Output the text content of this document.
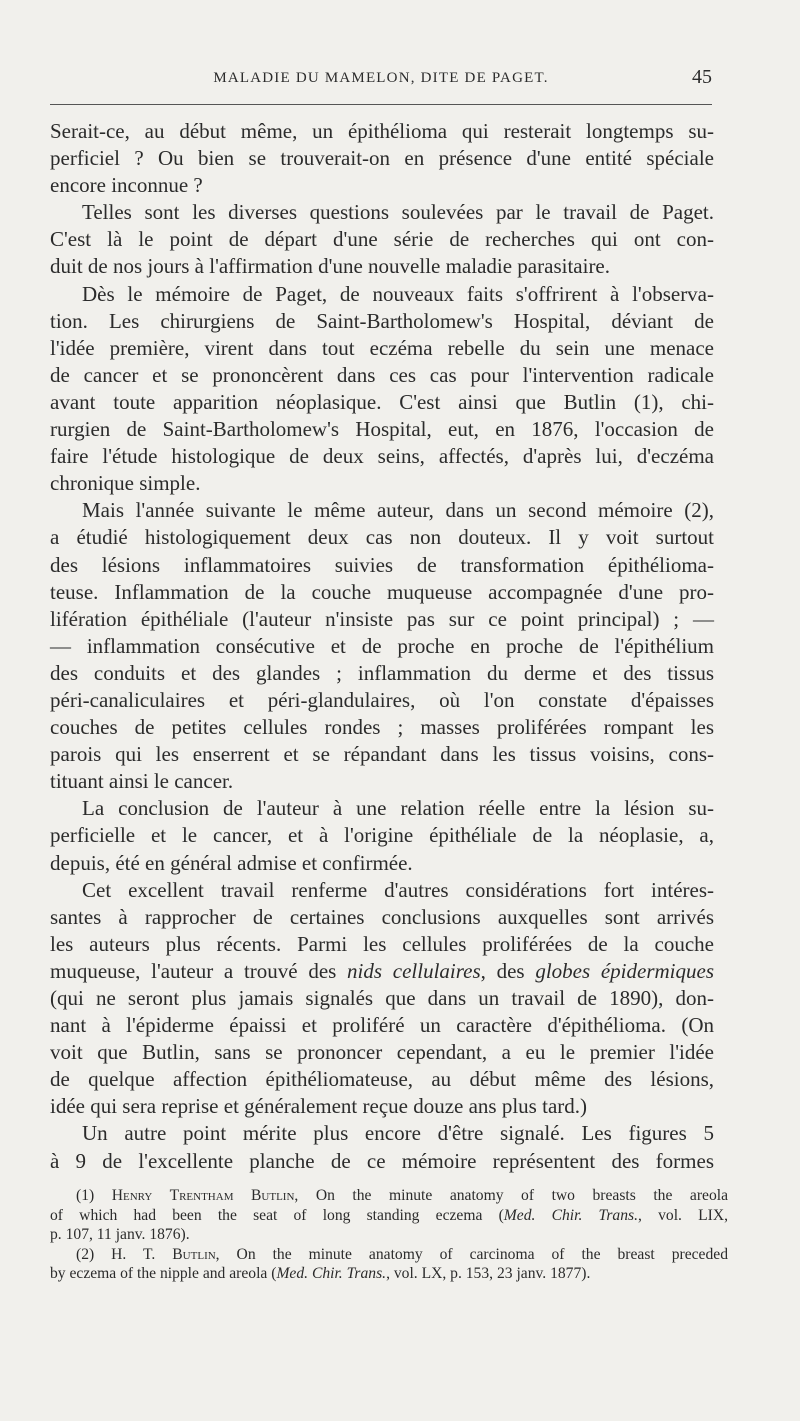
MALADIE DU MAMELON, DITE DE PAGET.	45
Serait-ce, au début même, un épithélioma qui resterait longtemps su-
perficiel ? Ou bien se trouverait-on en présence d'une entité spéciale
encore inconnue ?
Telles sont les diverses questions soulevées par le travail de Paget.
C'est là le point de départ d'une série de recherches qui ont con-
duit de nos jours à l'affirmation d'une nouvelle maladie parasitaire.
Dès le mémoire de Paget, de nouveaux faits s'offrirent à l'observa-
tion. Les chirurgiens de Saint-Bartholomew's Hospital, déviant de
l'idée première, virent dans tout eczéma rebelle du sein une menace
de cancer et se prononcèrent dans ces cas pour l'intervention radicale
avant toute apparition néoplasique. C'est ainsi que Butlin (1), chi-
rurgien de Saint-Bartholomew's Hospital, eut, en 1876, l'occasion de
faire l'étude histologique de deux seins, affectés, d'après lui, d'eczéma
chronique simple.
Mais l'année suivante le même auteur, dans un second mémoire (2),
a étudié histologiquement deux cas non douteux. Il y voit surtout
des lésions inflammatoires suivies de transformation épithélioma-
teuse. Inflammation de la couche muqueuse accompagnée d'une pro-
lifération épithéliale (l'auteur n'insiste pas sur ce point principal) ; —
— inflammation consécutive et de proche en proche de l'épithélium
des conduits et des glandes ; inflammation du derme et des tissus
péri-canaliculaires et péri-glandulaires, où l'on constate d'épaisses
couches de petites cellules rondes ; masses proliférées rompant les
parois qui les enserrent et se répandant dans les tissus voisins, cons-
tituant ainsi le cancer.
La conclusion de l'auteur à une relation réelle entre la lésion su-
perficielle et le cancer, et à l'origine épithéliale de la néoplasie, a,
depuis, été en général admise et confirmée.
Cet excellent travail renferme d'autres considérations fort intéres-
santes à rapprocher de certaines conclusions auxquelles sont arrivés
les auteurs plus récents. Parmi les cellules proliférées de la couche
muqueuse, l'auteur a trouvé des nids cellulaires, des globes épidermiques
(qui ne seront plus jamais signalés que dans un travail de 1890), don-
nant à l'épiderme épaissi et proliféré un caractère d'épithélioma. (On
voit que Butlin, sans se prononcer cependant, a eu le premier l'idée
de quelque affection épithéliomateuse, au début même des lésions,
idée qui sera reprise et généralement reçue douze ans plus tard.)
Un autre point mérite plus encore d'être signalé. Les figures 5
à 9 de l'excellente planche de ce mémoire représentent des formes
(1) Henry Trentham Butlin, On the minute anatomy of two breasts the areola
of which had been the seat of long standing eczema (Med. Chir. Trans., vol. LIX,
p. 107, 11 janv. 1876).
(2) H. T. Butlin, On the minute anatomy of carcinoma of the breast preceded
by eczema of the nipple and areola (Med. Chir. Trans., vol. LX, p. 153, 23 janv. 1877).
